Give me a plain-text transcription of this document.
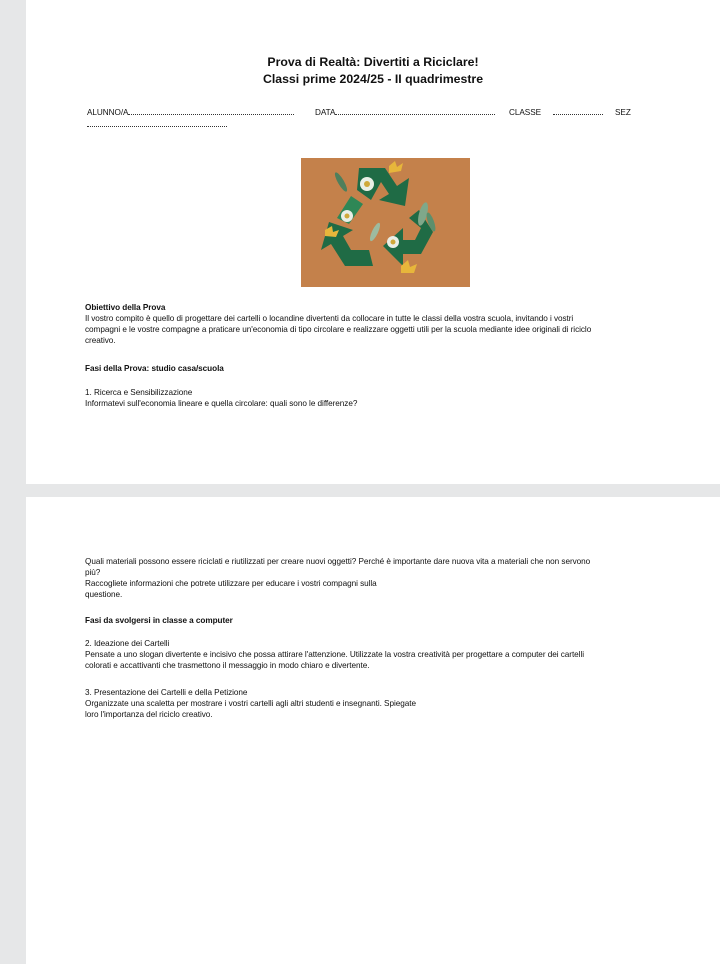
Prova di Realtà: Divertiti a Riciclare!
Classi prime 2024/25 - II quadrimestre
ALUNNO/A	DATA	CLASSE	SEZ
Obiettivo della Prova
Il vostro compito è quello di progettare dei cartelli o locandine divertenti da collocare in tutte le classi della vostra scuola, invitando i vostri
compagni e le vostre compagne a praticare un'economia di tipo circolare e realizzare oggetti utili per la scuola mediante idee originali di riciclo
creativo.
Fasi della Prova: studio casa/scuola
1. Ricerca e Sensibilizzazione
Informatevi sull'economia lineare e quella circolare: quali sono le differenze?
Quali materiali possono essere riciclati e riutilizzati per creare nuovi oggetti? Perché è importante dare nuova vita a materiali che non servono
più?
Raccogliete informazioni che potrete utilizzare per educare i vostri compagni sulla
questione.
Fasi da svolgersi in classe a computer
2. Ideazione dei Cartelli
Pensate a uno slogan divertente e incisivo che possa attirare l'attenzione. Utilizzate la vostra creatività per progettare a computer dei cartelli
colorati e accattivanti che trasmettono il messaggio in modo chiaro e divertente.
3. Presentazione dei Cartelli e della Petizione
Organizzate una scaletta per mostrare i vostri cartelli agli altri studenti e insegnanti. Spiegate
loro l'importanza del riciclo creativo.
